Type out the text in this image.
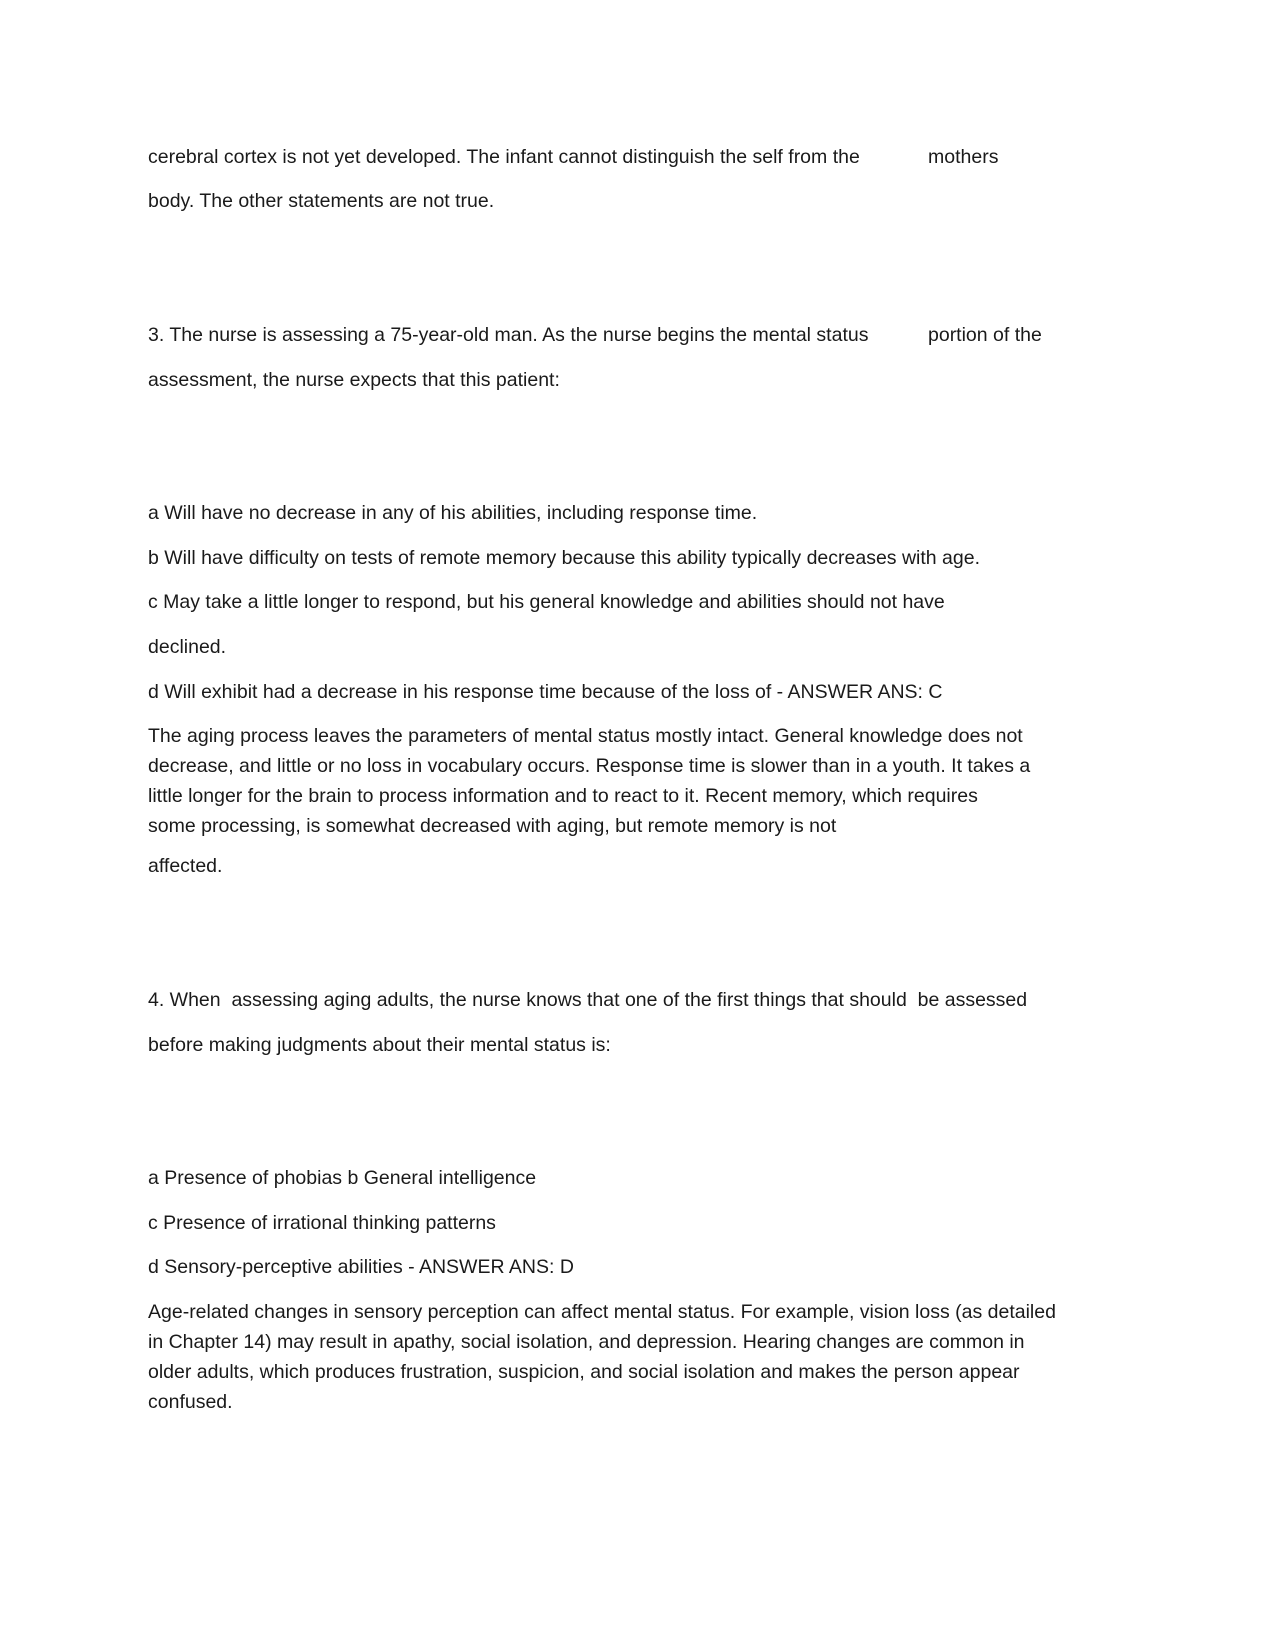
cerebral cortex is not yet developed. The infant cannot distinguish the self from the	mothers
body. The other statements are not true.
3. The nurse is assessing a 75-year-old man. As the nurse begins the mental status	portion of the
assessment, the nurse expects that this patient:
a Will have no decrease in any of his abilities, including response time.
b Will have difficulty on tests of remote memory because this ability typically decreases with age.
c May take a little longer to respond, but his general knowledge and abilities should not have
declined.
d Will exhibit had a decrease in his response time because of the loss of - ANSWER ANS: C
The aging process leaves the parameters of mental status mostly intact. General knowledge does not
decrease, and little or no loss in vocabulary occurs. Response time is slower than in a youth. It takes a
little longer for the brain to process information and to react to it. Recent memory, which requires
some processing, is somewhat decreased with aging, but remote memory is not
affected.
4. When  assessing aging adults, the nurse knows that one of the first things that should  be assessed
before making judgments about their mental status is:
a Presence of phobias b General intelligence
c Presence of irrational thinking patterns
d Sensory-perceptive abilities - ANSWER ANS: D
Age-related changes in sensory perception can affect mental status. For example, vision loss (as detailed
in Chapter 14) may result in apathy, social isolation, and depression. Hearing changes are common in
older adults, which produces frustration, suspicion, and social isolation and makes the person appear
confused.
